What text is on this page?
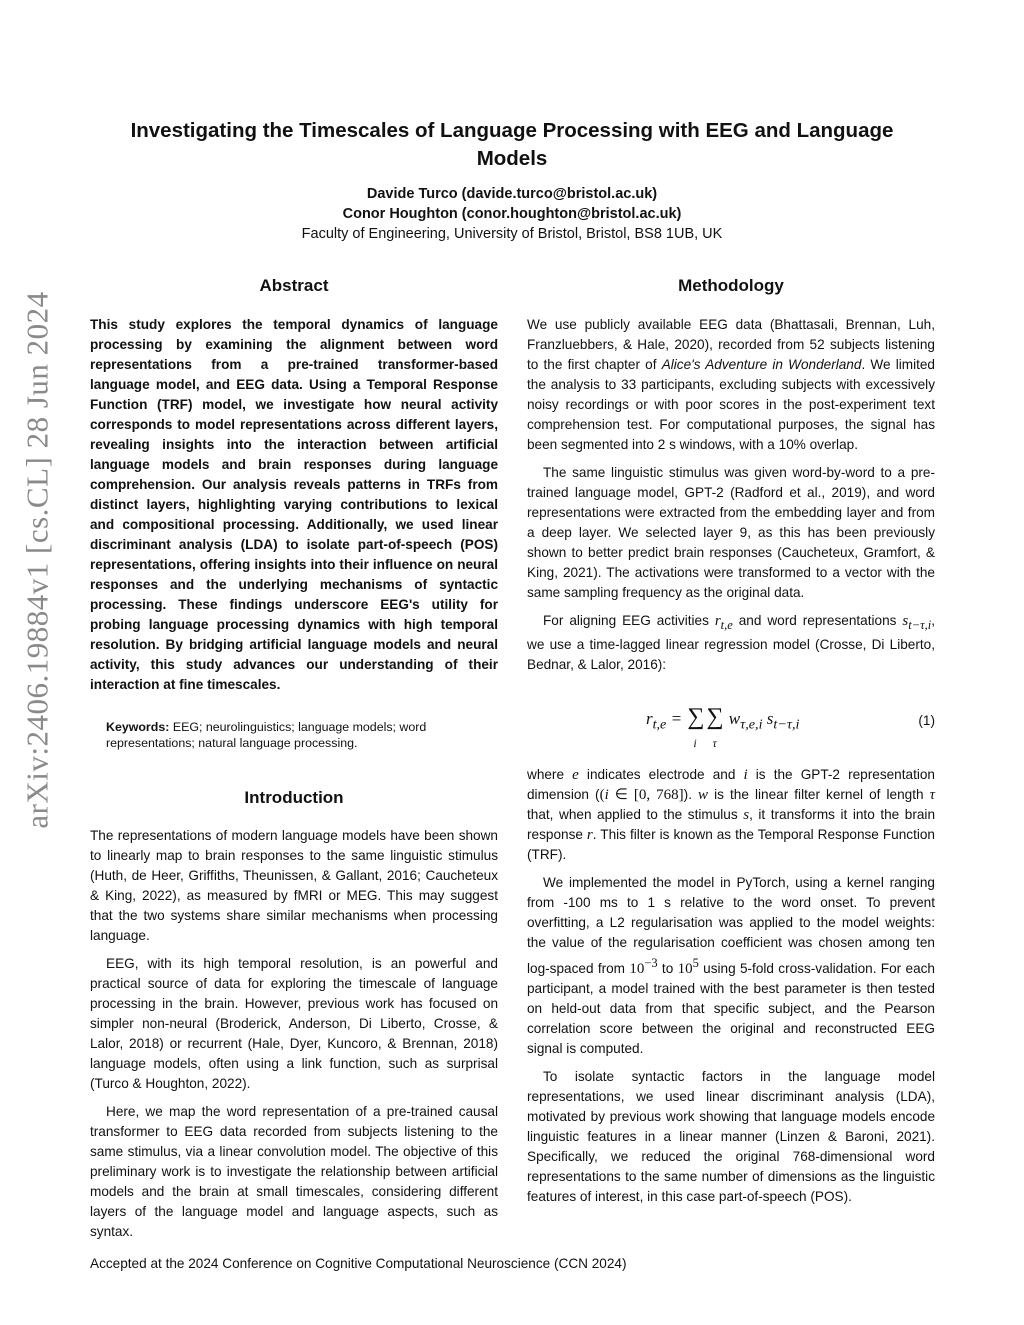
arXiv:2406.19884v1 [cs.CL] 28 Jun 2024
Investigating the Timescales of Language Processing with EEG and Language Models
Davide Turco (davide.turco@bristol.ac.uk)
Conor Houghton (conor.houghton@bristol.ac.uk)
Faculty of Engineering, University of Bristol, Bristol, BS8 1UB, UK
Abstract

This study explores the temporal dynamics of language processing by examining the alignment between word representations from a pre-trained transformer-based language model, and EEG data. Using a Temporal Response Function (TRF) model, we investigate how neural activity corresponds to model representations across different layers, revealing insights into the interaction between artificial language models and brain responses during language comprehension. Our analysis reveals patterns in TRFs from distinct layers, highlighting varying contributions to lexical and compositional processing. Additionally, we used linear discriminant analysis (LDA) to isolate part-of-speech (POS) representations, offering insights into their influence on neural responses and the underlying mechanisms of syntactic processing. These findings underscore EEG's utility for probing language processing dynamics with high temporal resolution. By bridging artificial language models and neural activity, this study advances our understanding of their interaction at fine timescales.

Keywords: EEG; neurolinguistics; language models; word representations; natural language processing.
Introduction

The representations of modern language models have been shown to linearly map to brain responses to the same linguistic stimulus (Huth, de Heer, Griffiths, Theunissen, & Gallant, 2016; Caucheteux & King, 2022), as measured by fMRI or MEG. This may suggest that the two systems share similar mechanisms when processing language.

EEG, with its high temporal resolution, is an powerful and practical source of data for exploring the timescale of language processing in the brain. However, previous work has focused on simpler non-neural (Broderick, Anderson, Di Liberto, Crosse, & Lalor, 2018) or recurrent (Hale, Dyer, Kuncoro, & Brennan, 2018) language models, often using a link function, such as surprisal (Turco & Houghton, 2022).

Here, we map the word representation of a pre-trained causal transformer to EEG data recorded from subjects listening to the same stimulus, via a linear convolution model. The objective of this preliminary work is to investigate the relationship between artificial models and the brain at small timescales, considering different layers of the language model and language aspects, such as syntax.

Methodology

We use publicly available EEG data (Bhattasali, Brennan, Luh, Franzluebbers, & Hale, 2020), recorded from 52 subjects listening to the first chapter of Alice's Adventure in Wonderland. We limited the analysis to 33 participants, excluding subjects with excessively noisy recordings or with poor scores in the post-experiment text comprehension test. For computational purposes, the signal has been segmented into 2 s windows, with a 10% overlap.

The same linguistic stimulus was given word-by-word to a pre-trained language model, GPT-2 (Radford et al., 2019), and word representations were extracted from the embedding layer and from a deep layer. We selected layer 9, as this has been previously shown to better predict brain responses (Caucheteux, Gramfort, & King, 2021). The activations were transformed to a vector with the same sampling frequency as the original data.

For aligning EEG activities $r_{t,e}$ and word representations $s_{t-\tau,i}$, we use a time-lagged linear regression model (Crosse, Di Liberto, Bednar, & Lalor, 2016):

$r_{t,e}$ = ∑
i
∑
τ
$w_{\tau,e,i}$ $s_{t-\tau,i}$	(1)

where e indicates electrode and i is the GPT-2 representation dimension ((i ∈ [0, 768]). w is the linear filter kernel of length τ that, when applied to the stimulus s, it transforms it into the brain response r. This filter is known as the Temporal Response Function (TRF).

We implemented the model in PyTorch, using a kernel ranging from -100 ms to 1 s relative to the word onset. To prevent overfitting, a L2 regularisation was applied to the model weights: the value of the regularisation coefficient was chosen among ten log-spaced from $10^{-3}$ to $10^5$ using 5-fold cross-validation. For each participant, a model trained with the best parameter is then tested on held-out data from that specific subject, and the Pearson correlation score between the original and reconstructed EEG signal is computed.

To isolate syntactic factors in the language model representations, we used linear discriminant analysis (LDA), motivated by previous work showing that language models encode linguistic features in a linear manner (Linzen & Baroni, 2021). Specifically, we reduced the original 768-dimensional word representations to the same number of dimensions as the linguistic features of interest, in this case part-of-speech (POS).

Accepted at the 2024 Conference on Cognitive Computational Neuroscience (CCN 2024)
